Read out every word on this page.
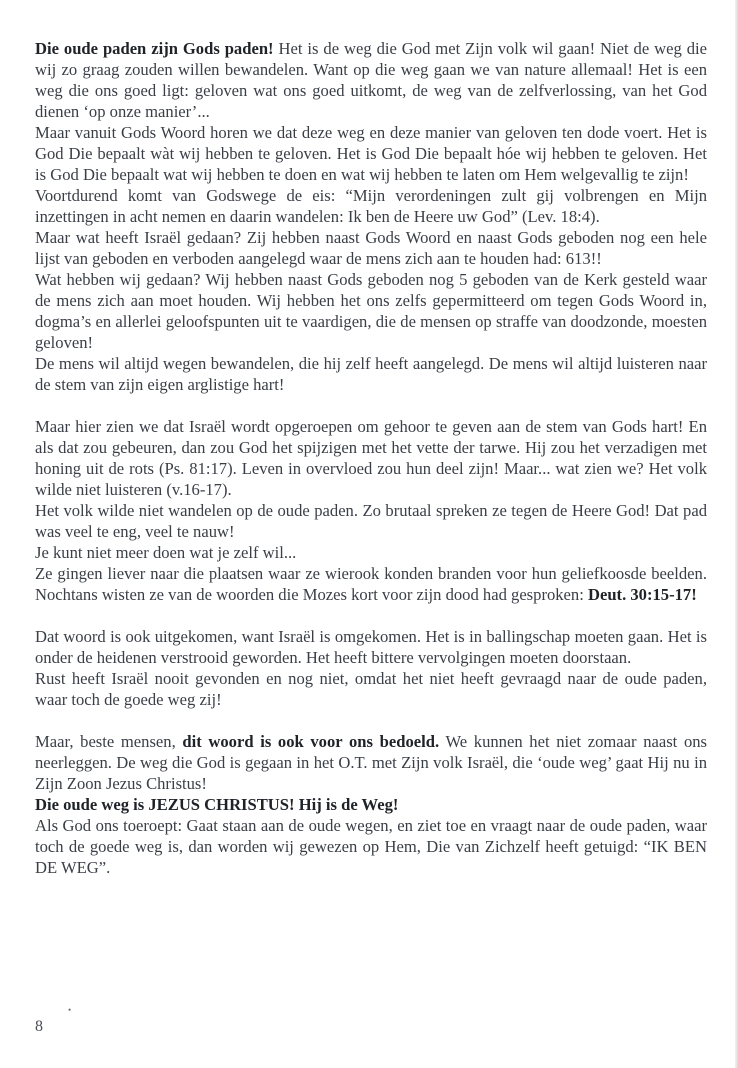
Die oude paden zijn Gods paden! Het is de weg die God met Zijn volk wil gaan! Niet de weg die wij zo graag zouden willen bewandelen. Want op die weg gaan we van nature allemaal! Het is een weg die ons goed ligt: geloven wat ons goed uitkomt, de weg van de zelfverlossing, van het God dienen ‘op onze manier’...

Maar vanuit Gods Woord horen we dat deze weg en deze manier van geloven ten dode voert. Het is God Die bepaalt wàt wij hebben te geloven. Het is God Die bepaalt hóe wij hebben te geloven. Het is God Die bepaalt wat wij hebben te doen en wat wij hebben te laten om Hem welgevallig te zijn!

Voortdurend komt van Godswege de eis: “Mijn verordeningen zult gij volbrengen en Mijn inzettingen in acht nemen en daarin wandelen: Ik ben de Heere uw God” (Lev. 18:4).

Maar wat heeft Israël gedaan? Zij hebben naast Gods Woord en naast Gods geboden nog een hele lijst van geboden en verboden aangelegd waar de mens zich aan te houden had: 613!!

Wat hebben wij gedaan? Wij hebben naast Gods geboden nog 5 geboden van de Kerk gesteld waar de mens zich aan moet houden. Wij hebben het ons zelfs gepermitteerd om tegen Gods Woord in, dogma’s en allerlei geloofspunten uit te vaardigen, die de mensen op straffe van doodzonde, moesten geloven!

De mens wil altijd wegen bewandelen, die hij zelf heeft aangelegd. De mens wil altijd luisteren naar de stem van zijn eigen arglistige hart!

Maar hier zien we dat Israël wordt opgeroepen om gehoor te geven aan de stem van Gods hart! En als dat zou gebeuren, dan zou God het spijzigen met het vette der tarwe. Hij zou het verzadigen met honing uit de rots (Ps. 81:17). Leven in overvloed zou hun deel zijn! Maar... wat zien we? Het volk wilde niet luisteren (v.16-17).

Het volk wilde niet wandelen op de oude paden. Zo brutaal spreken ze tegen de Heere God! Dat pad was veel te eng, veel te nauw!

Je kunt niet meer doen wat je zelf wil...

Ze gingen liever naar die plaatsen waar ze wierook konden branden voor hun geliefkoosde beelden. Nochtans wisten ze van de woorden die Mozes kort voor zijn dood had gesproken: Deut. 30:15-17!

Dat woord is ook uitgekomen, want Israël is omgekomen. Het is in ballingschap moeten gaan. Het is onder de heidenen verstrooid geworden. Het heeft bittere vervolgingen moeten doorstaan.

Rust heeft Israël nooit gevonden en nog niet, omdat het niet heeft gevraagd naar de oude paden, waar toch de goede weg zij!

Maar, beste mensen, dit woord is ook voor ons bedoeld. We kunnen het niet zomaar naast ons neerleggen. De weg die God is gegaan in het O.T. met Zijn volk Israël, die ‘oude weg’ gaat Hij nu in Zijn Zoon Jezus Christus!

Die oude weg is JEZUS CHRISTUS! Hij is de Weg!

Als God ons toeroept: Gaat staan aan de oude wegen, en ziet toe en vraagt naar de oude paden, waar toch de goede weg is, dan worden wij gewezen op Hem, Die van Zichzelf heeft getuigd: “IK BEN DE WEG”.

•
8
